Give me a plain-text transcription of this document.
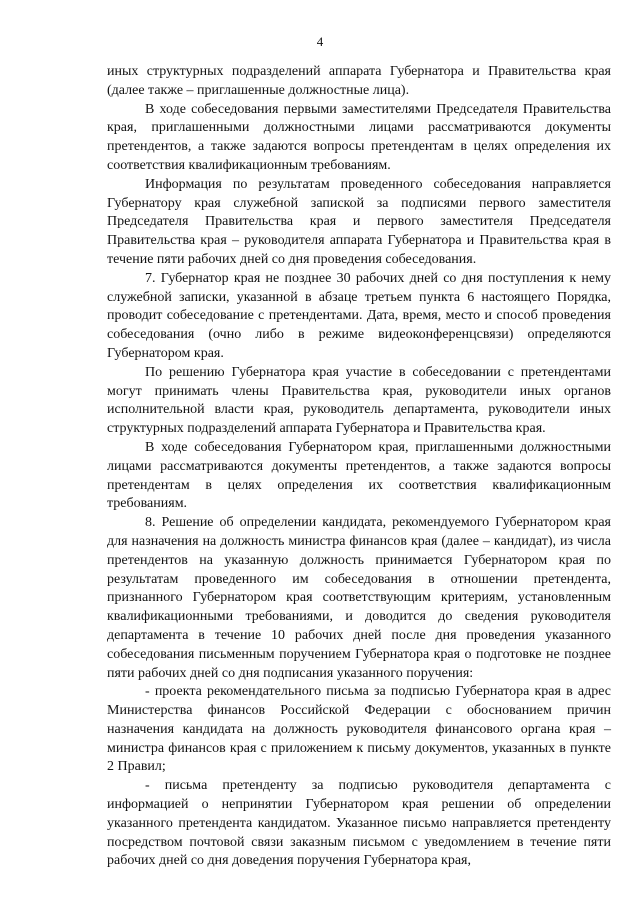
4

иных структурных подразделений аппарата Губернатора и Правительства края (далее также – приглашенные должностные лица).

В ходе собеседования первыми заместителями Председателя Правительства края, приглашенными должностными лицами рассматриваются документы претендентов, а также задаются вопросы претендентам в целях определения их соответствия квалификационным требованиям.

Информация по результатам проведенного собеседования направляется Губернатору края служебной запиской за подписями первого заместителя Председателя Правительства края и первого заместителя Председателя Правительства края – руководителя аппарата Губернатора и Правительства края в течение пяти рабочих дней со дня проведения собеседования.

7. Губернатор края не позднее 30 рабочих дней со дня поступления к нему служебной записки, указанной в абзаце третьем пункта 6 настоящего Порядка, проводит собеседование с претендентами. Дата, время, место и способ проведения собеседования (очно либо в режиме видеоконференцсвязи) определяются Губернатором края.

По решению Губернатора края участие в собеседовании с претендентами могут принимать члены Правительства края, руководители иных органов исполнительной власти края, руководитель департамента, руководители иных структурных подразделений аппарата Губернатора и Правительства края.

В ходе собеседования Губернатором края, приглашенными должностными лицами рассматриваются документы претендентов, а также задаются вопросы претендентам в целях определения их соответствия квалификационным требованиям.

8. Решение об определении кандидата, рекомендуемого Губернатором края для назначения на должность министра финансов края (далее – кандидат), из числа претендентов на указанную должность принимается Губернатором края по результатам проведенного им собеседования в отношении претендента, признанного Губернатором края соответствующим критериям, установленным квалификационными требованиями, и доводится до сведения руководителя департамента в течение 10 рабочих дней после дня проведения указанного собеседования письменным поручением Губернатора края о подготовке не позднее пяти рабочих дней со дня подписания указанного поручения:

- проекта рекомендательного письма за подписью Губернатора края в адрес Министерства финансов Российской Федерации с обоснованием причин назначения кандидата на должность руководителя финансового органа края – министра финансов края с приложением к письму документов, указанных в пункте 2 Правил;

- письма претенденту за подписью руководителя департамента с информацией о непринятии Губернатором края решении об определении указанного претендента кандидатом. Указанное письмо направляется претенденту посредством почтовой связи заказным письмом с уведомлением в течение пяти рабочих дней со дня доведения поручения Губернатора края,
